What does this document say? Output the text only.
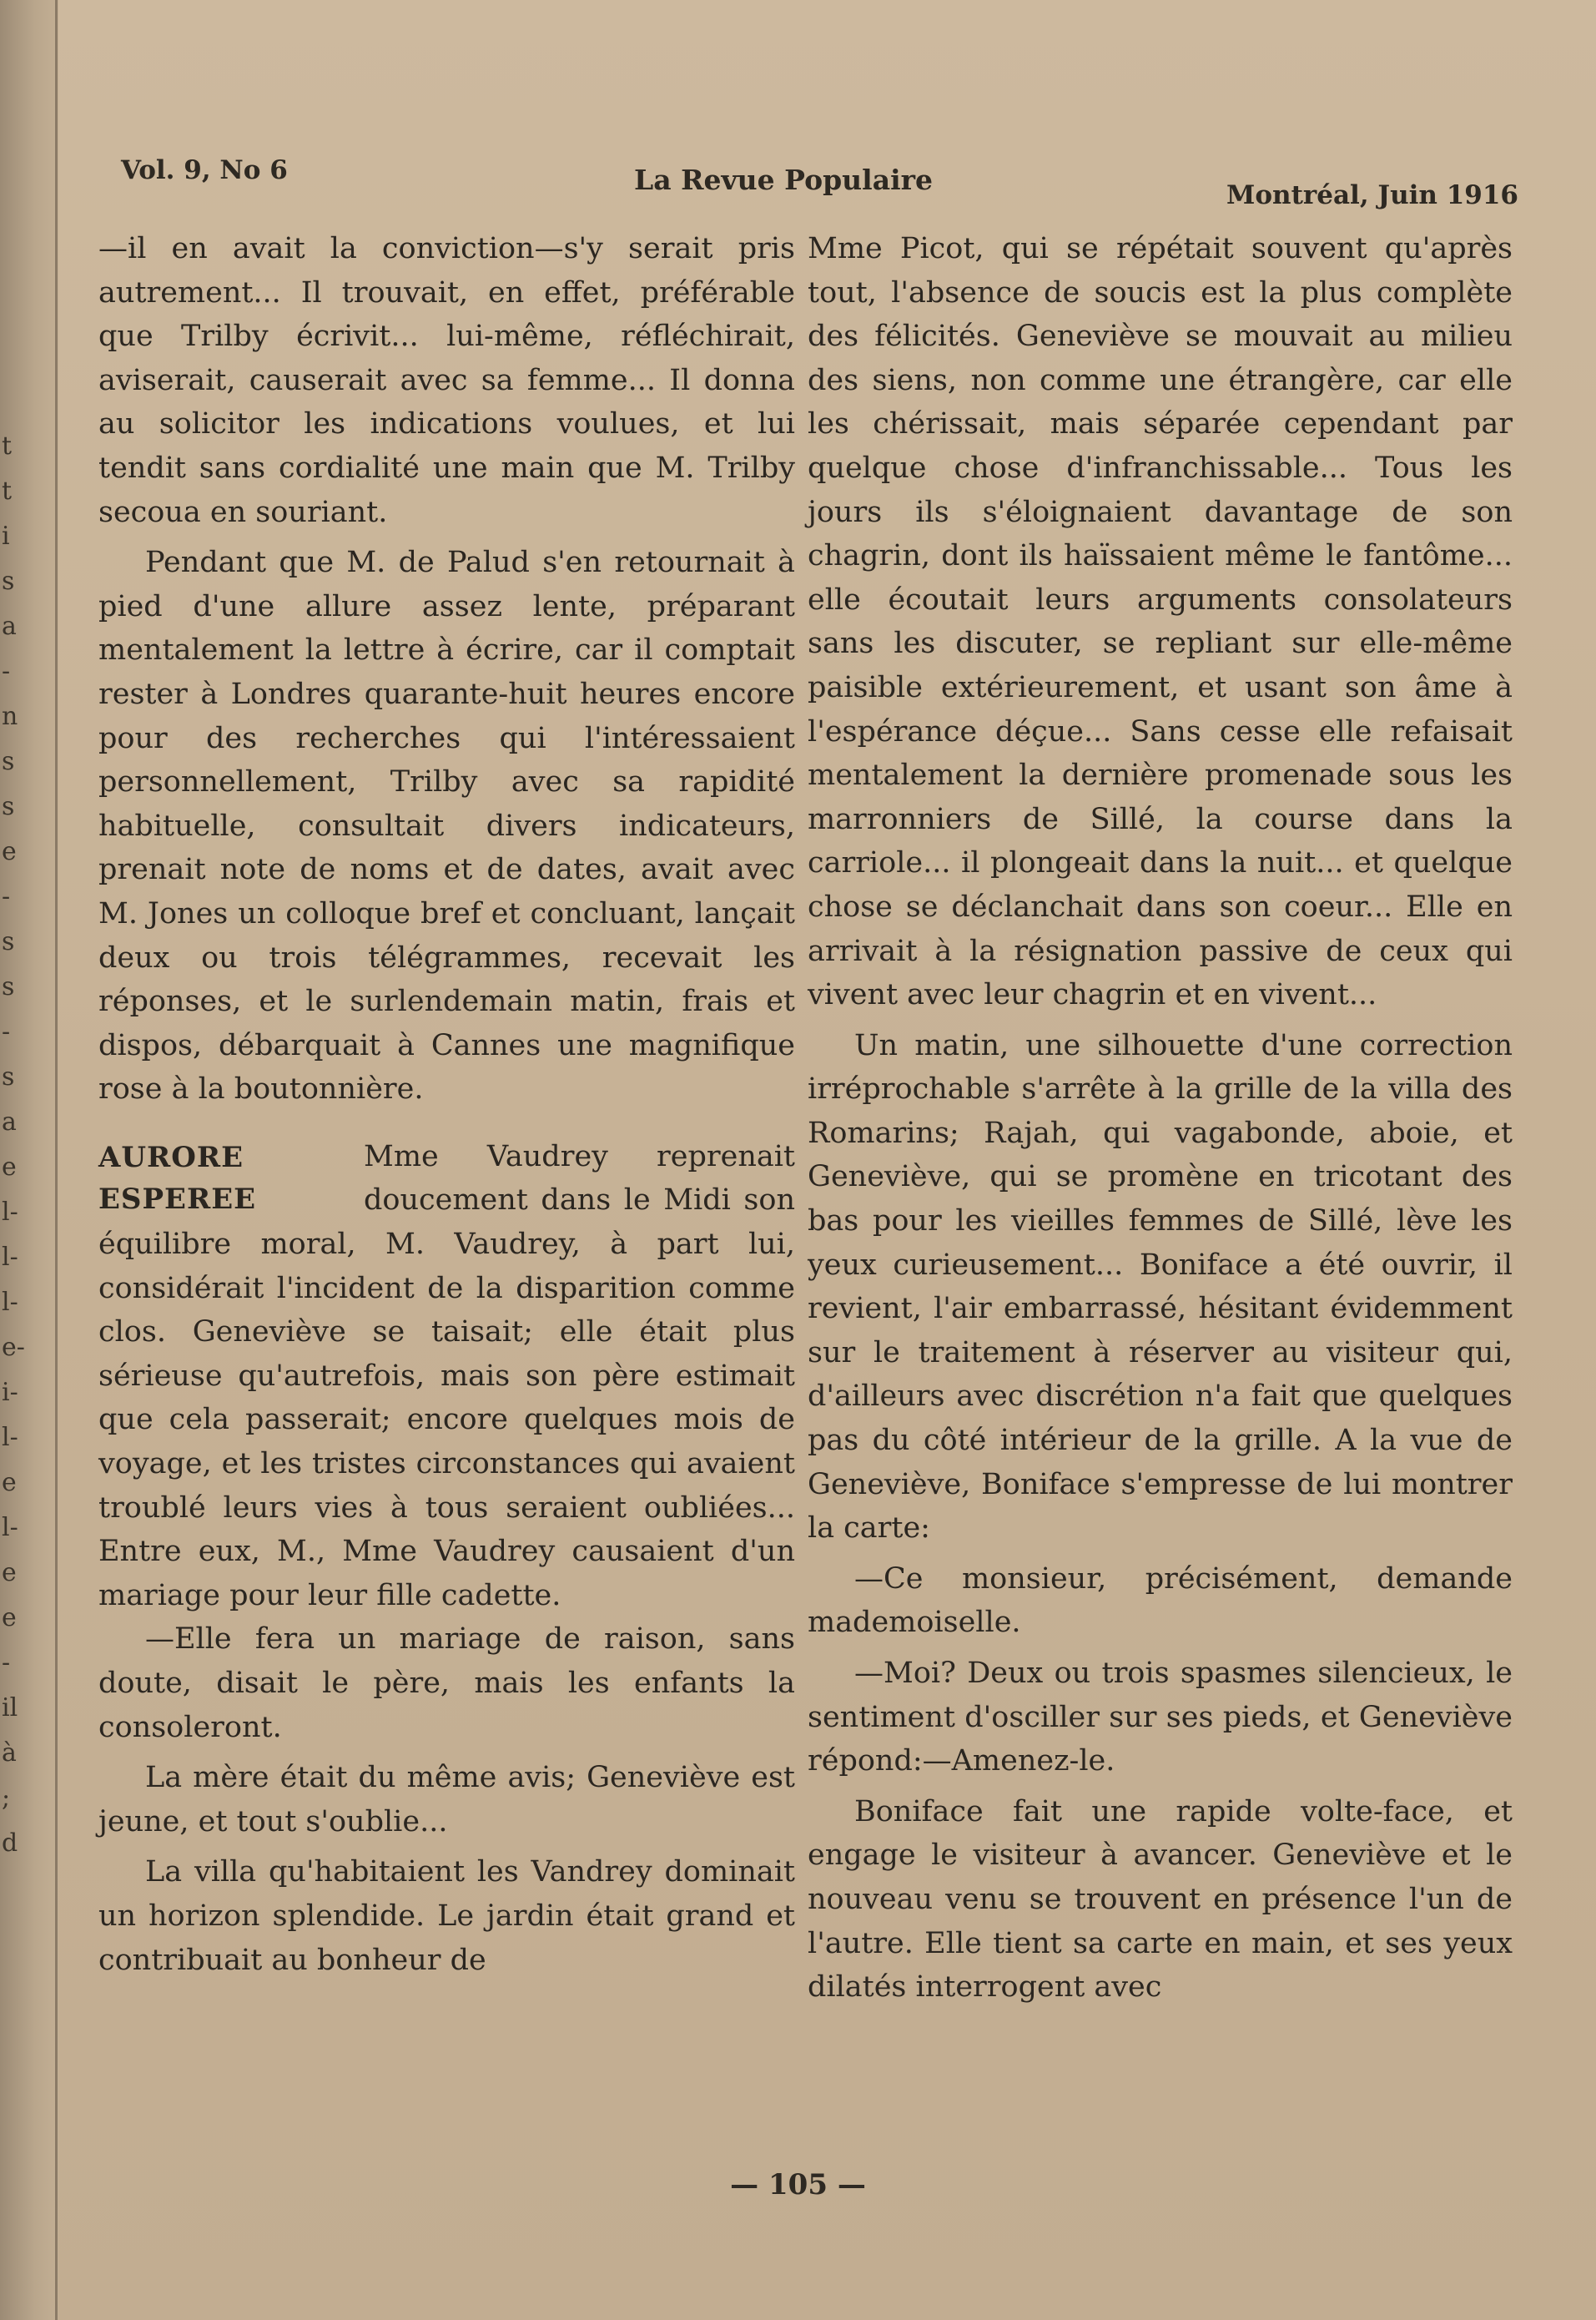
t
t
i
s
a
-
n
s
s
e
-
s
s
-
s
a
e
l-
l-
l-
e-
i-
l-
e
l-
e
e
-
il
à
;
d
Vol. 9, No 6	La Revue Populaire	Montréal, Juin 1916

—il en avait la conviction—s'y serait pris autrement... Il trouvait, en effet, préférable que Trilby écrivit... lui-même, réfléchirait, aviserait, causerait avec sa femme... Il donna au solicitor les indications voulues, et lui tendit sans cordialité une main que M. Trilby secoua en souriant.

Pendant que M. de Palud s'en retournait à pied d'une allure assez lente, préparant mentalement la lettre à écrire, car il comptait rester à Londres quarante-huit heures encore pour des recherches qui l'intéressaient personnellement, Trilby avec sa rapidité habituelle, consultait divers indicateurs, prenait note de noms et de dates, avait avec M. Jones un colloque bref et concluant, lançait deux ou trois télégrammes, recevait les réponses, et le surlendemain matin, frais et dispos, débarquait à Cannes une magnifique rose à la boutonnière.

AURORE
ESPEREE

Mme Vaudrey reprenait doucement dans le Midi son équilibre moral, M. Vaudrey, à part lui, considérait l'incident de la disparition comme clos. Geneviève se taisait; elle était plus sérieuse qu'autrefois, mais son père estimait que cela passerait; encore quelques mois de voyage, et les tristes circonstances qui avaient troublé leurs vies à tous seraient oubliées... Entre eux, M., Mme Vaudrey causaient d'un mariage pour leur fille cadette.

—Elle fera un mariage de raison, sans doute, disait le père, mais les enfants la consoleront.

La mère était du même avis; Geneviève est jeune, et tout s'oublie...

La villa qu'habitaient les Vandrey dominait un horizon splendide. Le jardin était grand et contribuait au bonheur de

Mme Picot, qui se répétait souvent qu'après tout, l'absence de soucis est la plus complète des félicités. Geneviève se mouvait au milieu des siens, non comme une étrangère, car elle les chérissait, mais séparée cependant par quelque chose d'infranchissable... Tous les jours ils s'éloignaient davantage de son chagrin, dont ils haïssaient même le fantôme... elle écoutait leurs arguments consolateurs sans les discuter, se repliant sur elle-même paisible extérieurement, et usant son âme à l'espérance déçue... Sans cesse elle refaisait mentalement la dernière promenade sous les marronniers de Sillé, la course dans la carriole... il plongeait dans la nuit... et quelque chose se déclanchait dans son coeur... Elle en arrivait à la résignation passive de ceux qui vivent avec leur chagrin et en vivent...

Un matin, une silhouette d'une correction irréprochable s'arrête à la grille de la villa des Romarins; Rajah, qui vagabonde, aboie, et Geneviève, qui se promène en tricotant des bas pour les vieilles femmes de Sillé, lève les yeux curieusement... Boniface a été ouvrir, il revient, l'air embarrassé, hésitant évidemment sur le traitement à réserver au visiteur qui, d'ailleurs avec discrétion n'a fait que quelques pas du côté intérieur de la grille. A la vue de Geneviève, Boniface s'empresse de lui montrer la carte:

—Ce monsieur, précisément, demande mademoiselle.

—Moi? Deux ou trois spasmes silencieux, le sentiment d'osciller sur ses pieds, et Geneviève répond:—Amenez-le.

Boniface fait une rapide volte-face, et engage le visiteur à avancer. Geneviève et le nouveau venu se trouvent en présence l'un de l'autre. Elle tient sa carte en main, et ses yeux dilatés interrogent avec

— 105 —
